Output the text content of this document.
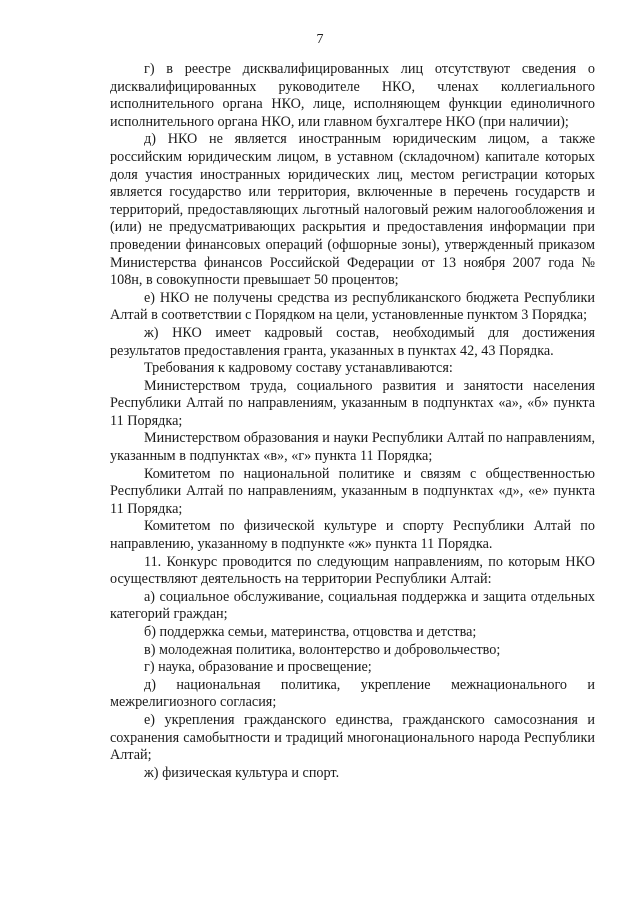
7

г) в реестре дисквалифицированных лиц отсутствуют сведения о дисквалифицированных руководителе НКО, членах коллегиального исполнительного органа НКО, лице, исполняющем функции единоличного исполнительного органа НКО, или главном бухгалтере НКО (при наличии);

д) НКО не является иностранным юридическим лицом, а также российским юридическим лицом, в уставном (складочном) капитале которых доля участия иностранных юридических лиц, местом регистрации которых является государство или территория, включенные в перечень государств и территорий, предоставляющих льготный налоговый режим налогообложения и (или) не предусматривающих раскрытия и предоставления информации при проведении финансовых операций (офшорные зоны), утвержденный приказом Министерства финансов Российской Федерации от 13 ноября 2007 года № 108н, в совокупности превышает 50 процентов;

е) НКО не получены средства из республиканского бюджета Республики Алтай в соответствии с Порядком на цели, установленные пунктом 3 Порядка;

ж) НКО имеет кадровый состав, необходимый для достижения результатов предоставления гранта, указанных в пунктах 42, 43 Порядка.

Требования к кадровому составу устанавливаются:

Министерством труда, социального развития и занятости населения Республики Алтай по направлениям, указанным в подпунктах «а», «б» пункта 11 Порядка;

Министерством образования и науки Республики Алтай по направлениям, указанным в подпунктах «в», «г» пункта 11 Порядка;

Комитетом по национальной политике и связям с общественностью Республики Алтай по направлениям, указанным в подпунктах «д», «е» пункта 11 Порядка;

Комитетом по физической культуре и спорту Республики Алтай по направлению, указанному в подпункте «ж» пункта 11 Порядка.

11. Конкурс проводится по следующим направлениям, по которым НКО осуществляют деятельность на территории Республики Алтай:

а) социальное обслуживание, социальная поддержка и защита отдельных категорий граждан;

б) поддержка семьи, материнства, отцовства и детства;

в) молодежная политика, волонтерство и добровольчество;

г) наука, образование и просвещение;

д) национальная политика, укрепление межнационального и межрелигиозного согласия;

е) укрепления гражданского единства, гражданского самосознания и сохранения самобытности и традиций многонационального народа Республики Алтай;

ж) физическая культура и спорт.
